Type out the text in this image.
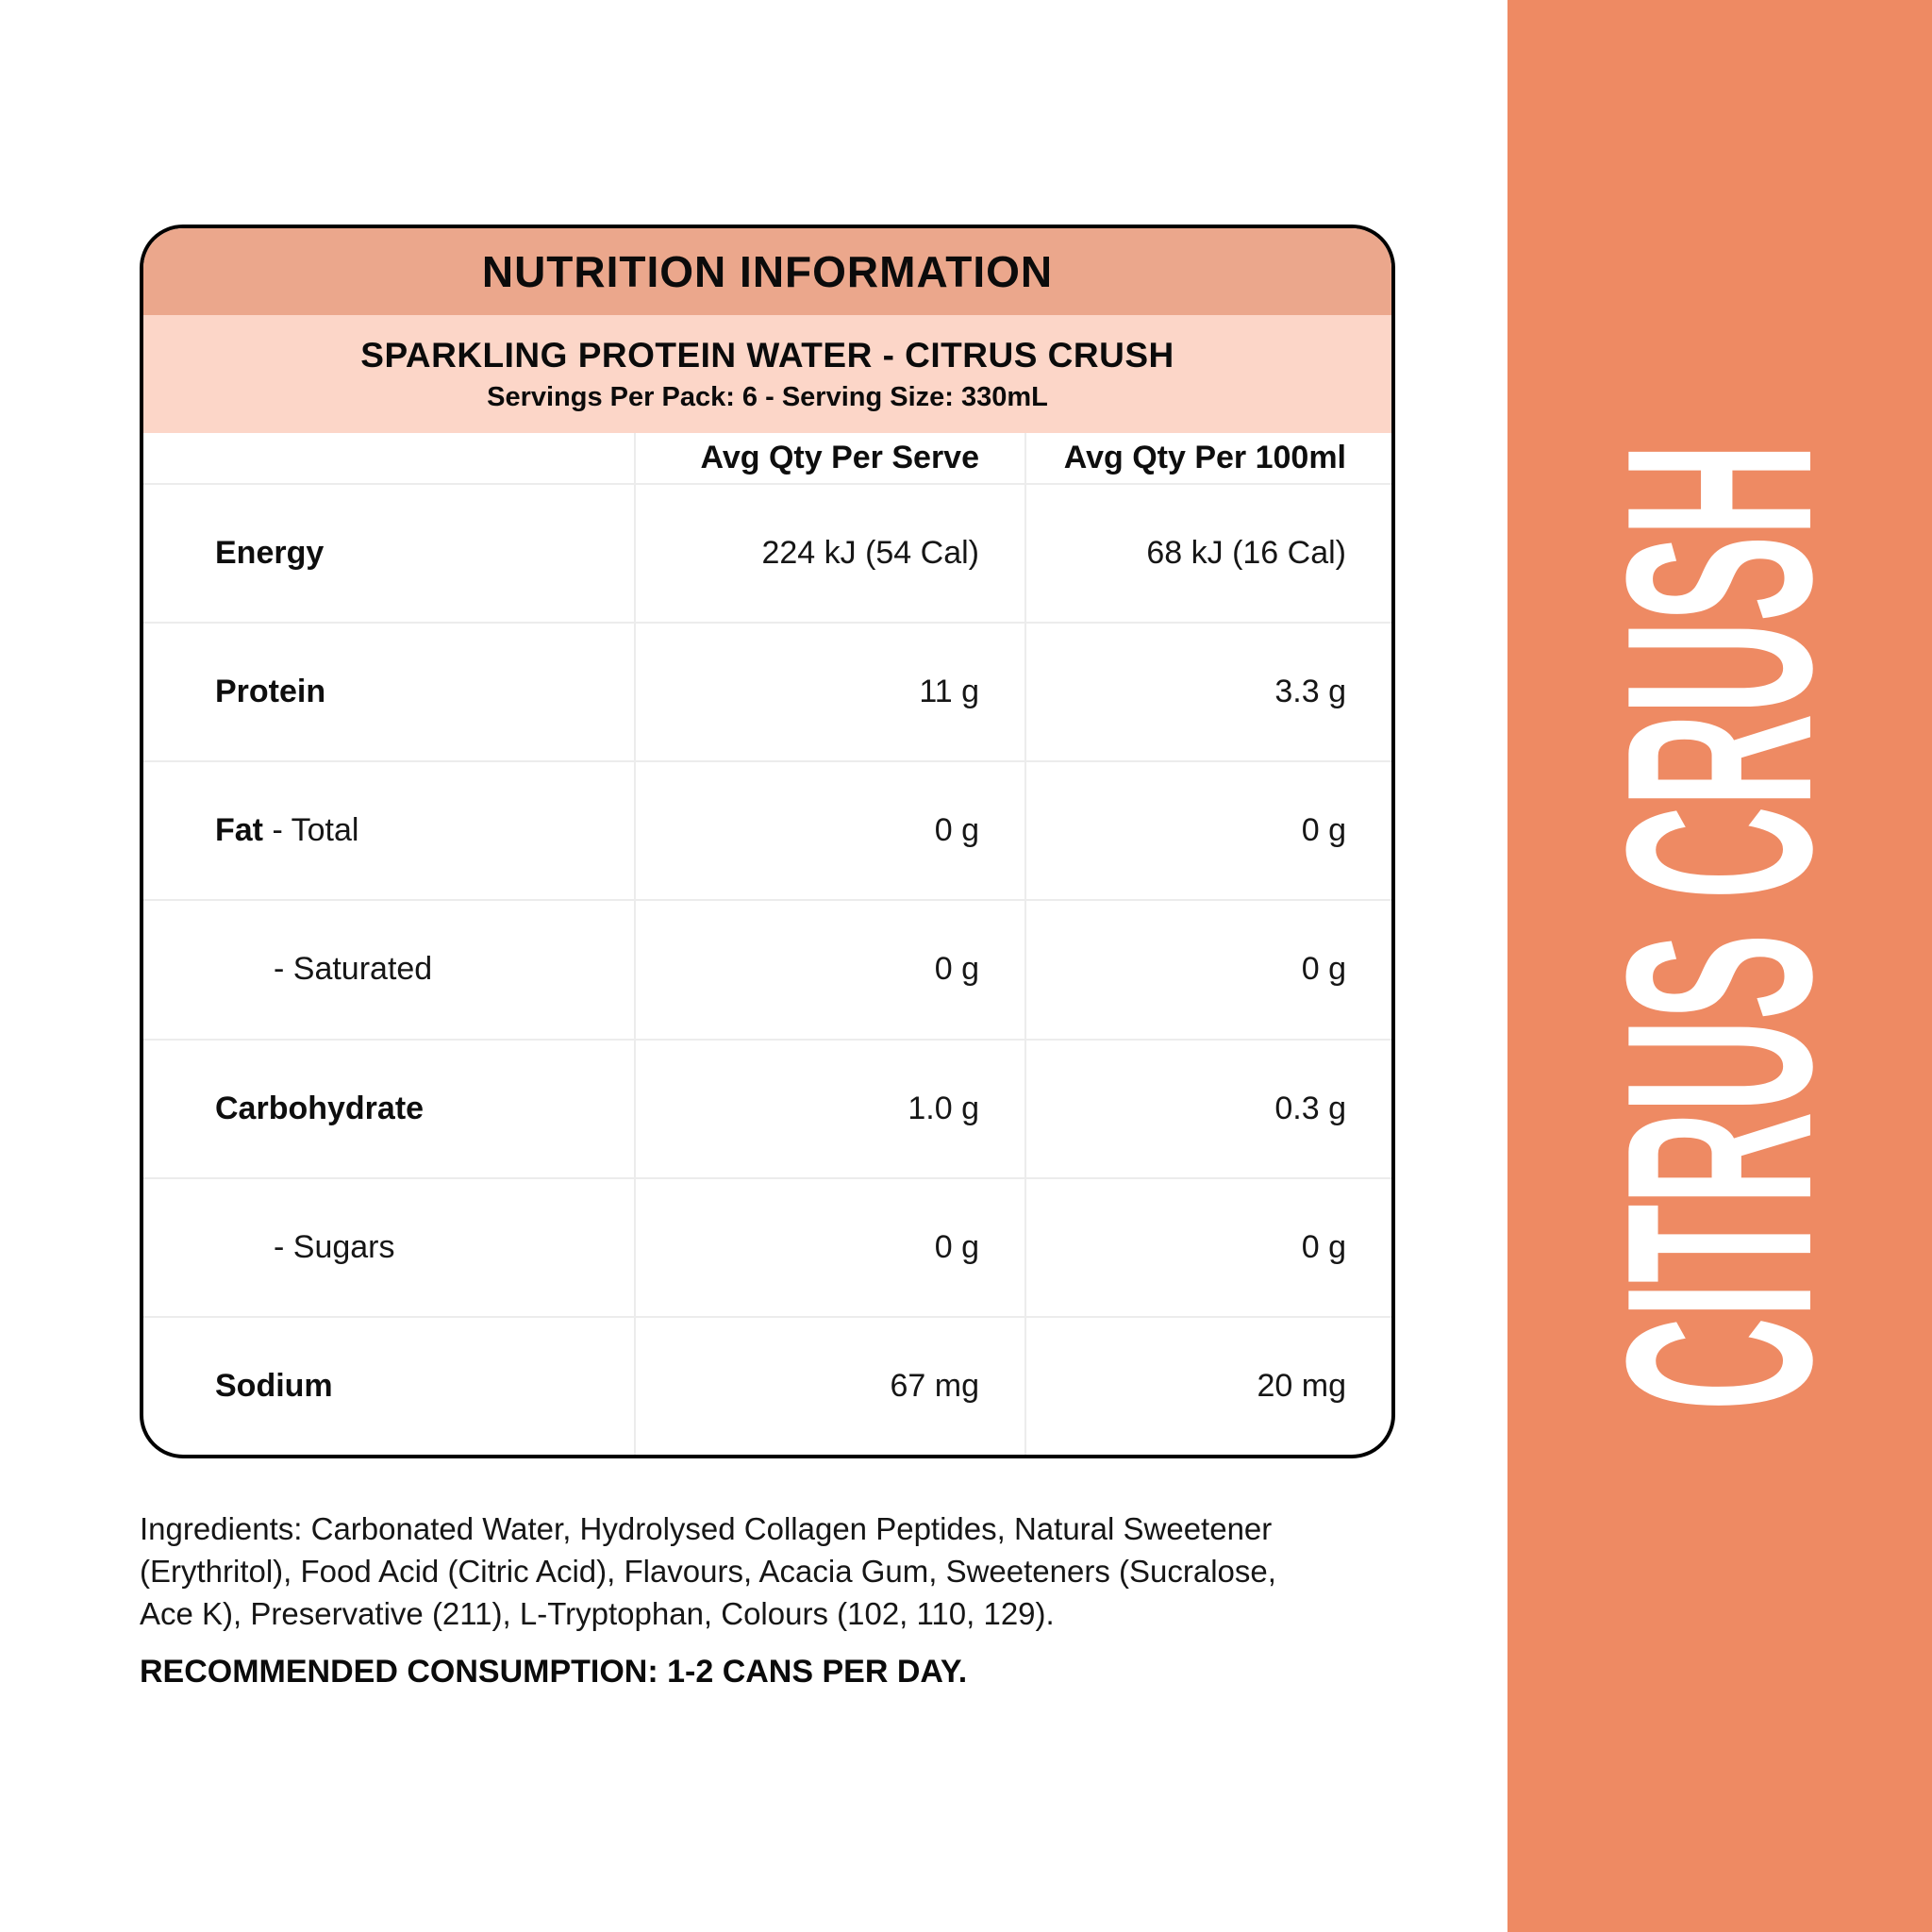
NUTRITION INFORMATION
SPARKLING PROTEIN WATER - CITRUS CRUSH
Servings Per Pack: 6 - Serving Size: 330mL
Avg Qty Per Serve	Avg Qty Per 100ml
Energy	224 kJ (54 Cal)	68 kJ (16 Cal)
Protein	11 g	3.3 g
Fat - Total	0 g	0 g
- Saturated	0 g	0 g
Carbohydrate	1.0 g	0.3 g
- Sugars	0 g	0 g
Sodium	67 mg	20 mg
Ingredients: Carbonated Water, Hydrolysed Collagen Peptides, Natural Sweetener
(Erythritol), Food Acid (Citric Acid), Flavours, Acacia Gum, Sweeteners (Sucralose,
Ace K), Preservative (211), L-Tryptophan, Colours (102, 110, 129).
RECOMMENDED CONSUMPTION: 1-2 CANS PER DAY.
CITRUS CRUSH
